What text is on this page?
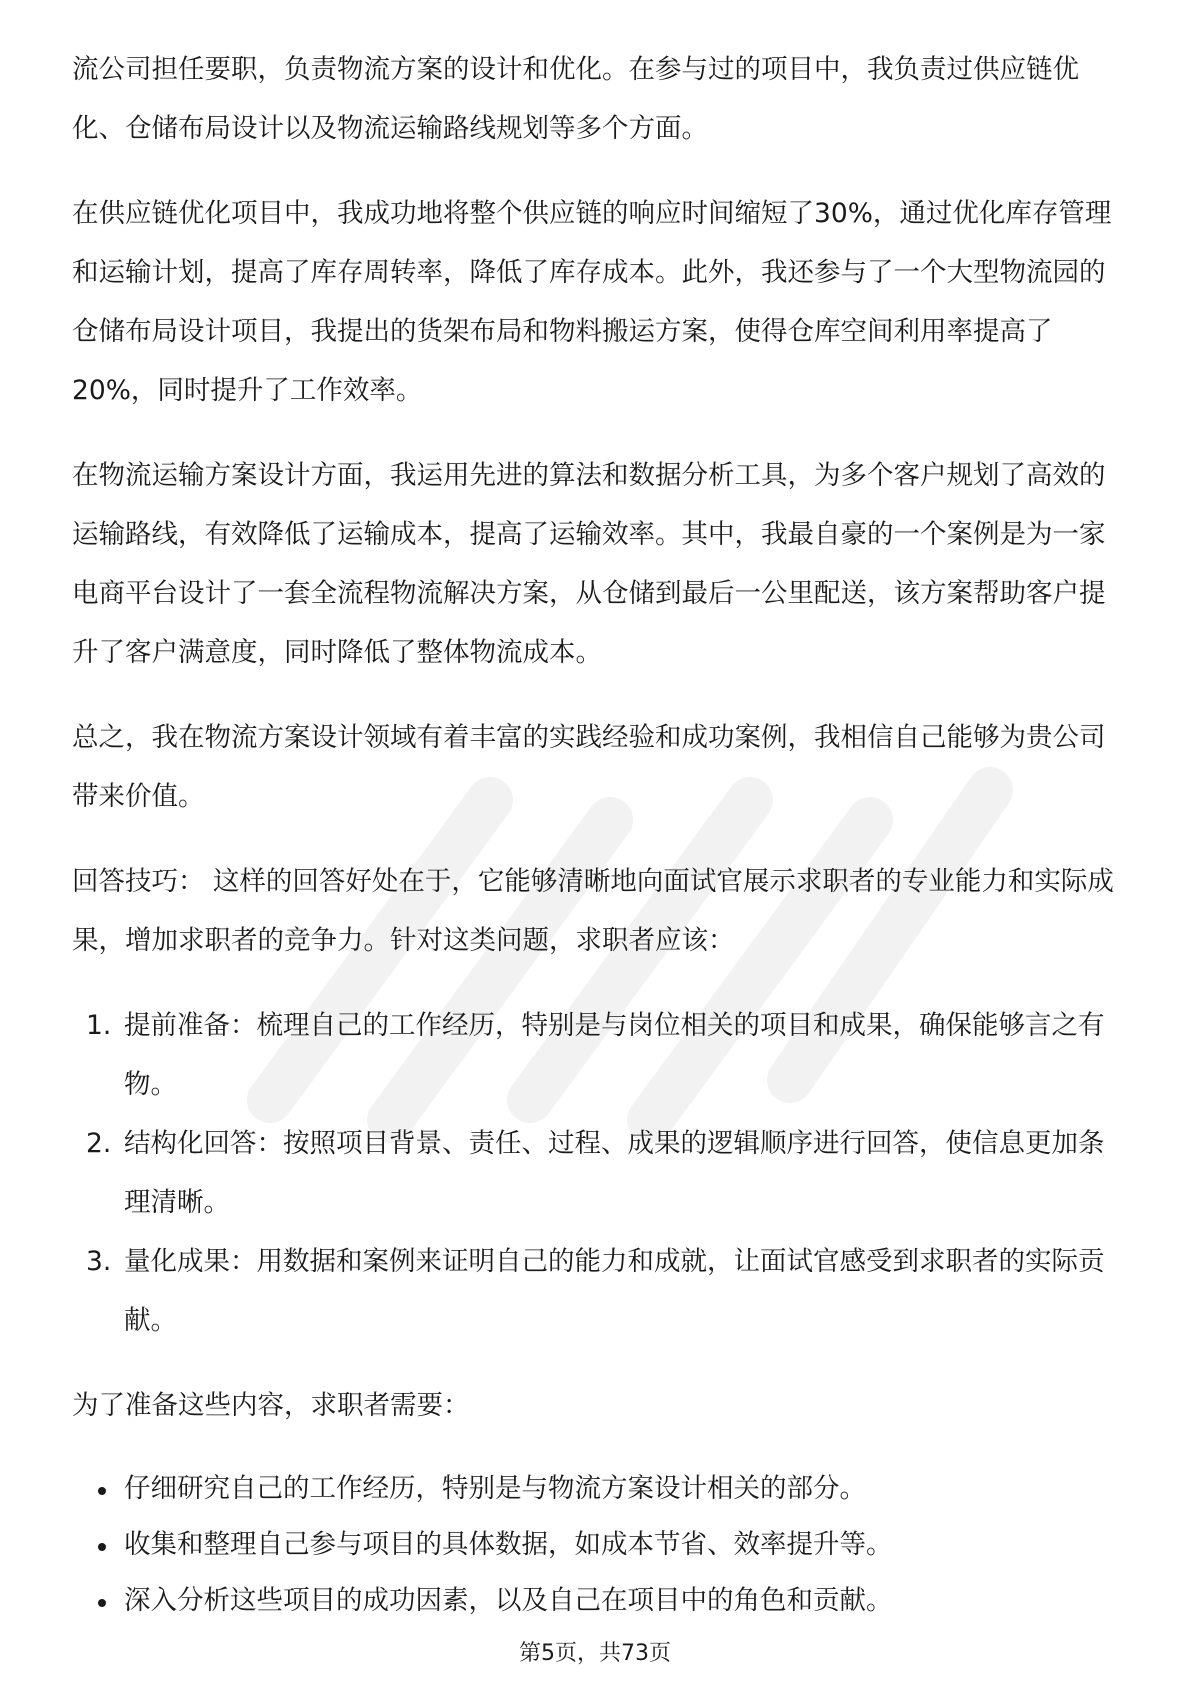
流公司担任要职，负责物流方案的设计和优化。在参与过的项目中，我负责过供应链优化、仓储布局设计以及物流运输路线规划等多个方面。

在供应链优化项目中，我成功地将整个供应链的响应时间缩短了30%，通过优化库存管理和运输计划，提高了库存周转率，降低了库存成本。此外，我还参与了一个大型物流园的仓储布局设计项目，我提出的货架布局和物料搬运方案，使得仓库空间利用率提高了20%，同时提升了工作效率。

在物流运输方案设计方面，我运用先进的算法和数据分析工具，为多个客户规划了高效的运输路线，有效降低了运输成本，提高了运输效率。其中，我最自豪的一个案例是为一家电商平台设计了一套全流程物流解决方案，从仓储到最后一公里配送，该方案帮助客户提升了客户满意度，同时降低了整体物流成本。

总之，我在物流方案设计领域有着丰富的实践经验和成功案例，我相信自己能够为贵公司带来价值。

回答技巧： 这样的回答好处在于，它能够清晰地向面试官展示求职者的专业能力和实际成果，增加求职者的竞争力。针对这类问题，求职者应该：

1. 提前准备：梳理自己的工作经历，特别是与岗位相关的项目和成果，确保能够言之有物。
2. 结构化回答：按照项目背景、责任、过程、成果的逻辑顺序进行回答，使信息更加条理清晰。
3. 量化成果：用数据和案例来证明自己的能力和成就，让面试官感受到求职者的实际贡献。

为了准备这些内容，求职者需要：

仔细研究自己的工作经历，特别是与物流方案设计相关的部分。
收集和整理自己参与项目的具体数据，如成本节省、效率提升等。
深入分析这些项目的成功因素，以及自己在项目中的角色和贡献。
第5页，共73页
